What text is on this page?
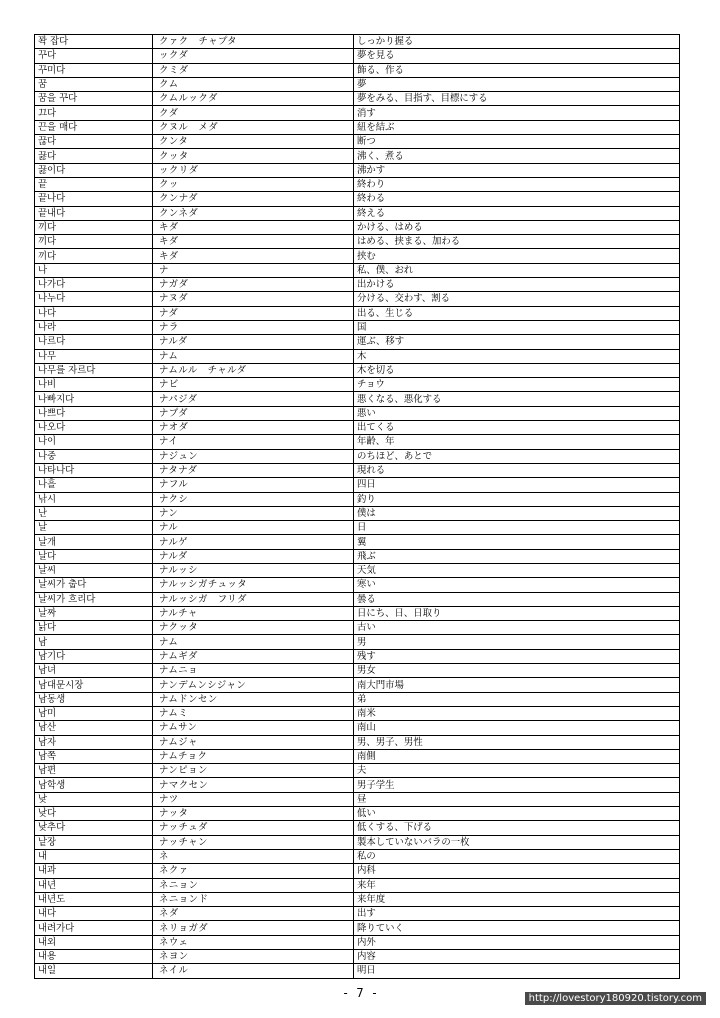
꽉 잡다	クァク　チャプタ	しっかり握る
꾸다	ックダ	夢を見る
꾸미다	クミダ	飾る、作る
꿈	クム	夢
꿈을 꾸다	クムルックダ	夢をみる、目指す、目標にする
끄다	クダ	消す
끈을 매다	クヌル　メダ	紐を結ぶ
끊다	クンタ	断つ
끓다	クッタ	沸く、煮る
끓이다	ックリダ	沸かす
끝	クッ	終わり
끝나다	クンナダ	終わる
끝내다	クンネダ	終える
끼다	キダ	かける、はめる
끼다	キダ	はめる、挟まる、加わる
끼다	キダ	挟む
나	ナ	私、僕、おれ
나가다	ナガダ	出かける
나누다	ナヌダ	分ける、交わす、割る
나다	ナダ	出る、生じる
나라	ナラ	国
나르다	ナルダ	運ぶ、移す
나무	ナム	木
나무를 자르다	ナムルル　チャルダ	木を切る
나비	ナビ	チョウ
나빠지다	ナパジダ	悪くなる、悪化する
나쁘다	ナプダ	悪い
나오다	ナオダ	出てくる
나이	ナイ	年齢、年
나중	ナジュン	のちほど、あとで
나타나다	ナタナダ	現れる
나흘	ナフル	四日
낚시	ナクシ	釣り
난	ナン	僕は
날	ナル	日
날개	ナルゲ	翼
날다	ナルダ	飛ぶ
날씨	ナルッシ	天気
날씨가 춥다	ナルッシガチュッタ	寒い
날씨가 흐리다	ナルッシガ　フリダ	曇る
날짜	ナルチャ	日にち、日、日取り
낡다	ナクッタ	古い
남	ナム	男
남기다	ナムギダ	残す
남녀	ナムニョ	男女
남대문시장	ナンデムンシジャン	南大門市場
남동생	ナムドンセン	弟
남미	ナムミ	南米
남산	ナムサン	南山
남자	ナムジャ	男、男子、男性
남쪽	ナムチョク	南側
남편	ナンピョン	夫
남학생	ナマクセン	男子学生
낮	ナツ	昼
낮다	ナッタ	低い
낮추다	ナッチュダ	低くする、下げる
낱장	ナッチャン	製本していないバラの一枚
내	ネ	私の
내과	ネクァ	内科
내년	ネニョン	来年
내년도	ネニョンド	来年度
내다	ネダ	出す
내려가다	ネリョガダ	降りていく
내외	ネウェ	内外
내용	ネヨン	内容
내일	ネイル	明日
- 7 -	http://lovestory180920.tistory.com
